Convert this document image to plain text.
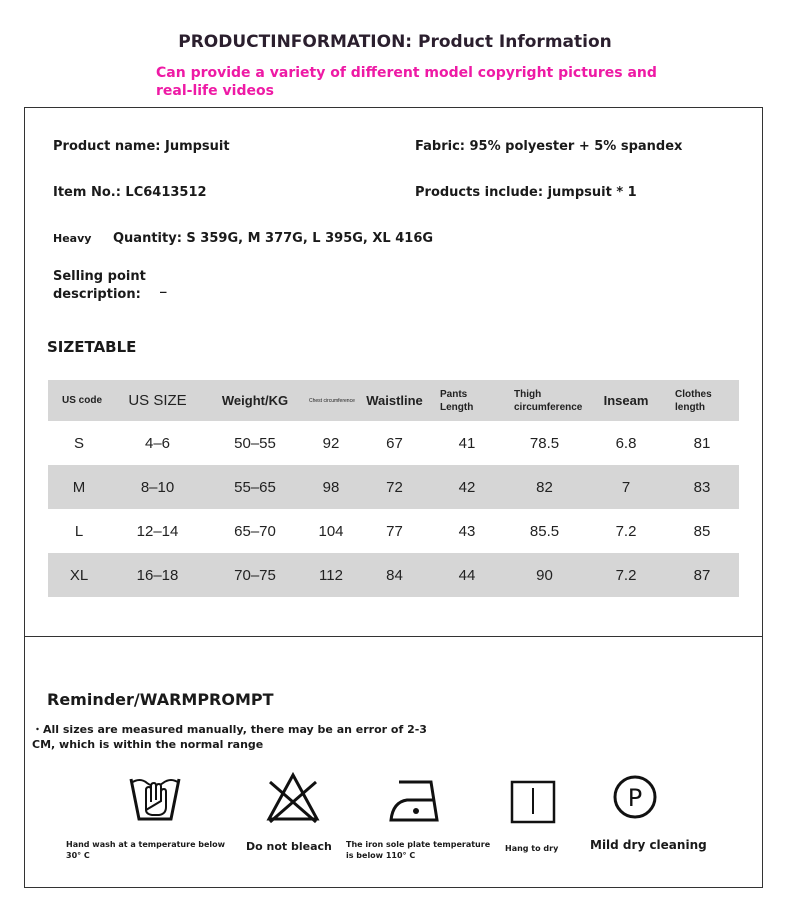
PRODUCTINFORMATION: Product Information
Can provide a variety of different model copyright pictures and real-life videos
Product name: Jumpsuit	Fabric: 95% polyester + 5% spandex
Item No.: LC6413512	Products include: jumpsuit * 1
Heavy Quantity: S 359G, M 377G, L 395G, XL 416G
Selling point description:
_
SIZETABLE
US code	US SIZE	Weight/KG	Chest circumference	Waistline	Pants Length	Thigh circumference	Inseam	Clothes length
S	4–6	50–55	92	67	41	78.5	6.8	81
M	8–10	55–65	98	72	42	82	7	83
L	12–14	65–70	104	77	43	85.5	7.2	85
XL	16–18	70–75	112	84	44	90	7.2	87
Reminder/WARMPROMPT
・All sizes are measured manually, there may be an error of 2-3 CM, which is within the normal range
P
Hand wash at a temperature below 30° C
Do not bleach The iron sole plate temperature is below 110° C
Hang to dry	Mild dry cleaning
